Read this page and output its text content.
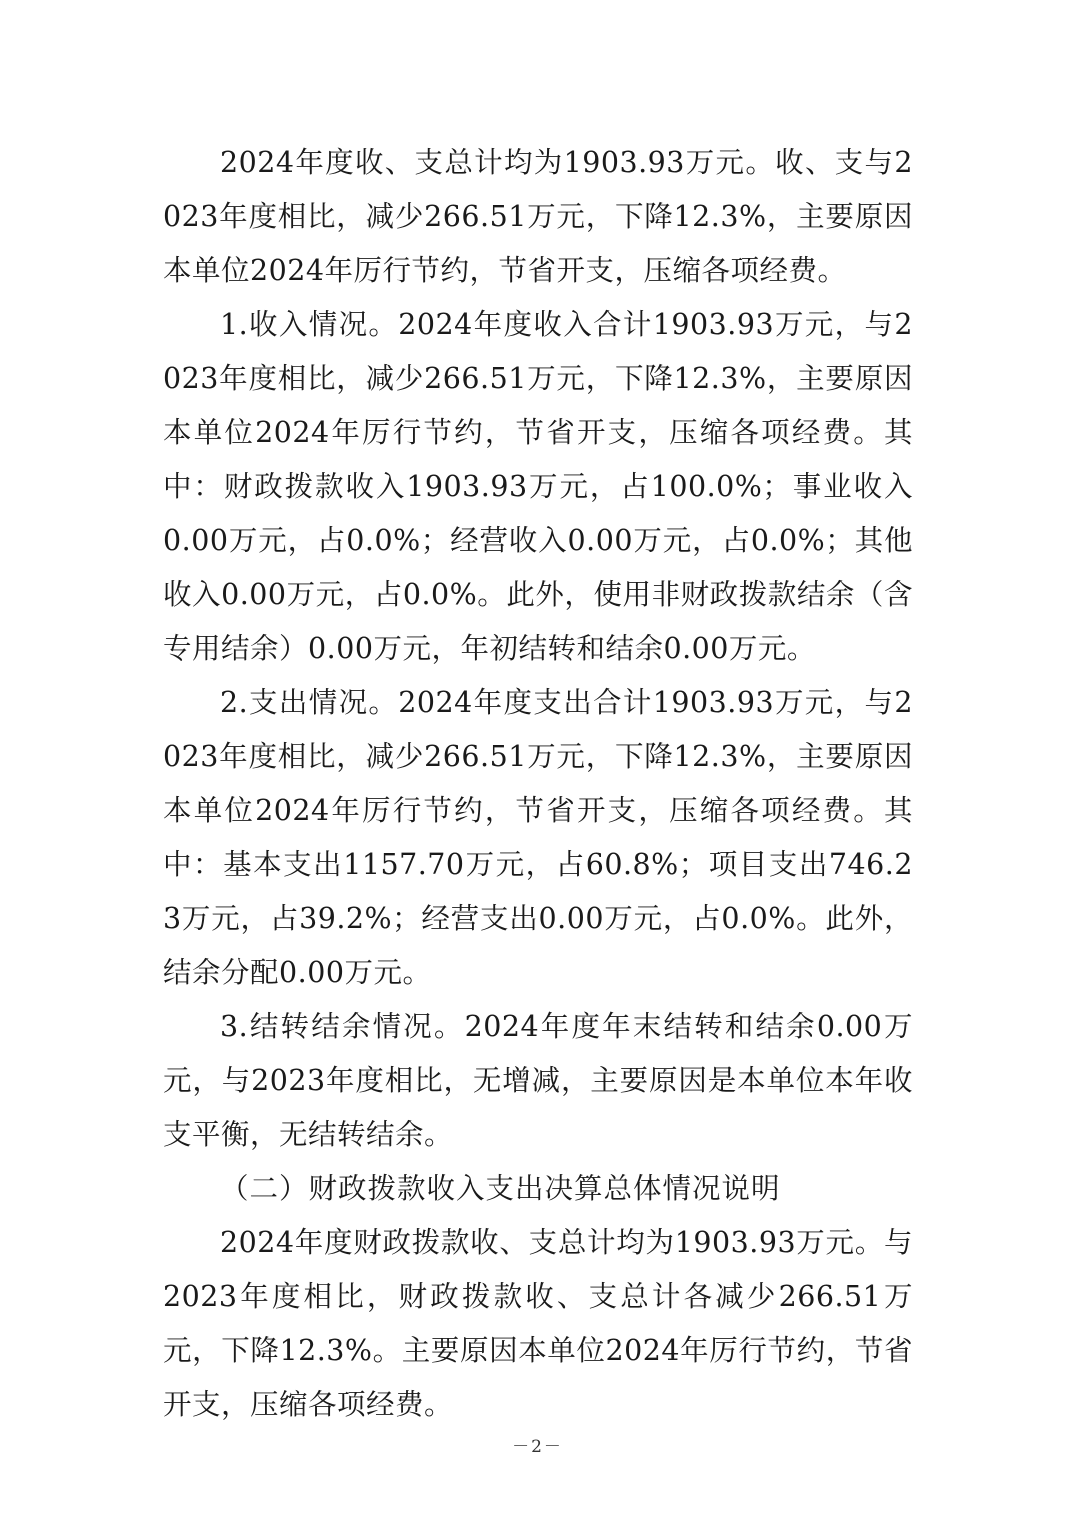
2024年度收、支总计均为1903.93万元。收、支与2023年度相比，减少266.51万元，下降12.3%，主要原因本单位2024年厉行节约，节省开支，压缩各项经费。

1.收入情况。2024年度收入合计1903.93万元，与2023年度相比，减少266.51万元，下降12.3%，主要原因本单位2024年厉行节约，节省开支，压缩各项经费。其中：财政拨款收入1903.93万元，占100.0%；事业收入0.00万元，占0.0%；经营收入0.00万元，占0.0%；其他收入0.00万元，占0.0%。此外，使用非财政拨款结余（含专用结余）0.00万元，年初结转和结余0.00万元。

2.支出情况。2024年度支出合计1903.93万元，与2023年度相比，减少266.51万元，下降12.3%，主要原因本单位2024年厉行节约，节省开支，压缩各项经费。其中：基本支出1157.70万元，占60.8%；项目支出746.23万元，占39.2%；经营支出0.00万元，占0.0%。此外，结余分配0.00万元。

3.结转结余情况。2024年度年末结转和结余0.00万元，与2023年度相比，无增减，主要原因是本单位本年收支平衡，无结转结余。

（二）财政拨款收入支出决算总体情况说明

2024年度财政拨款收、支总计均为1903.93万元。与2023年度相比，财政拨款收、支总计各减少266.51万元，下降12.3%。主要原因本单位2024年厉行节约，节省开支，压缩各项经费。

－2－
